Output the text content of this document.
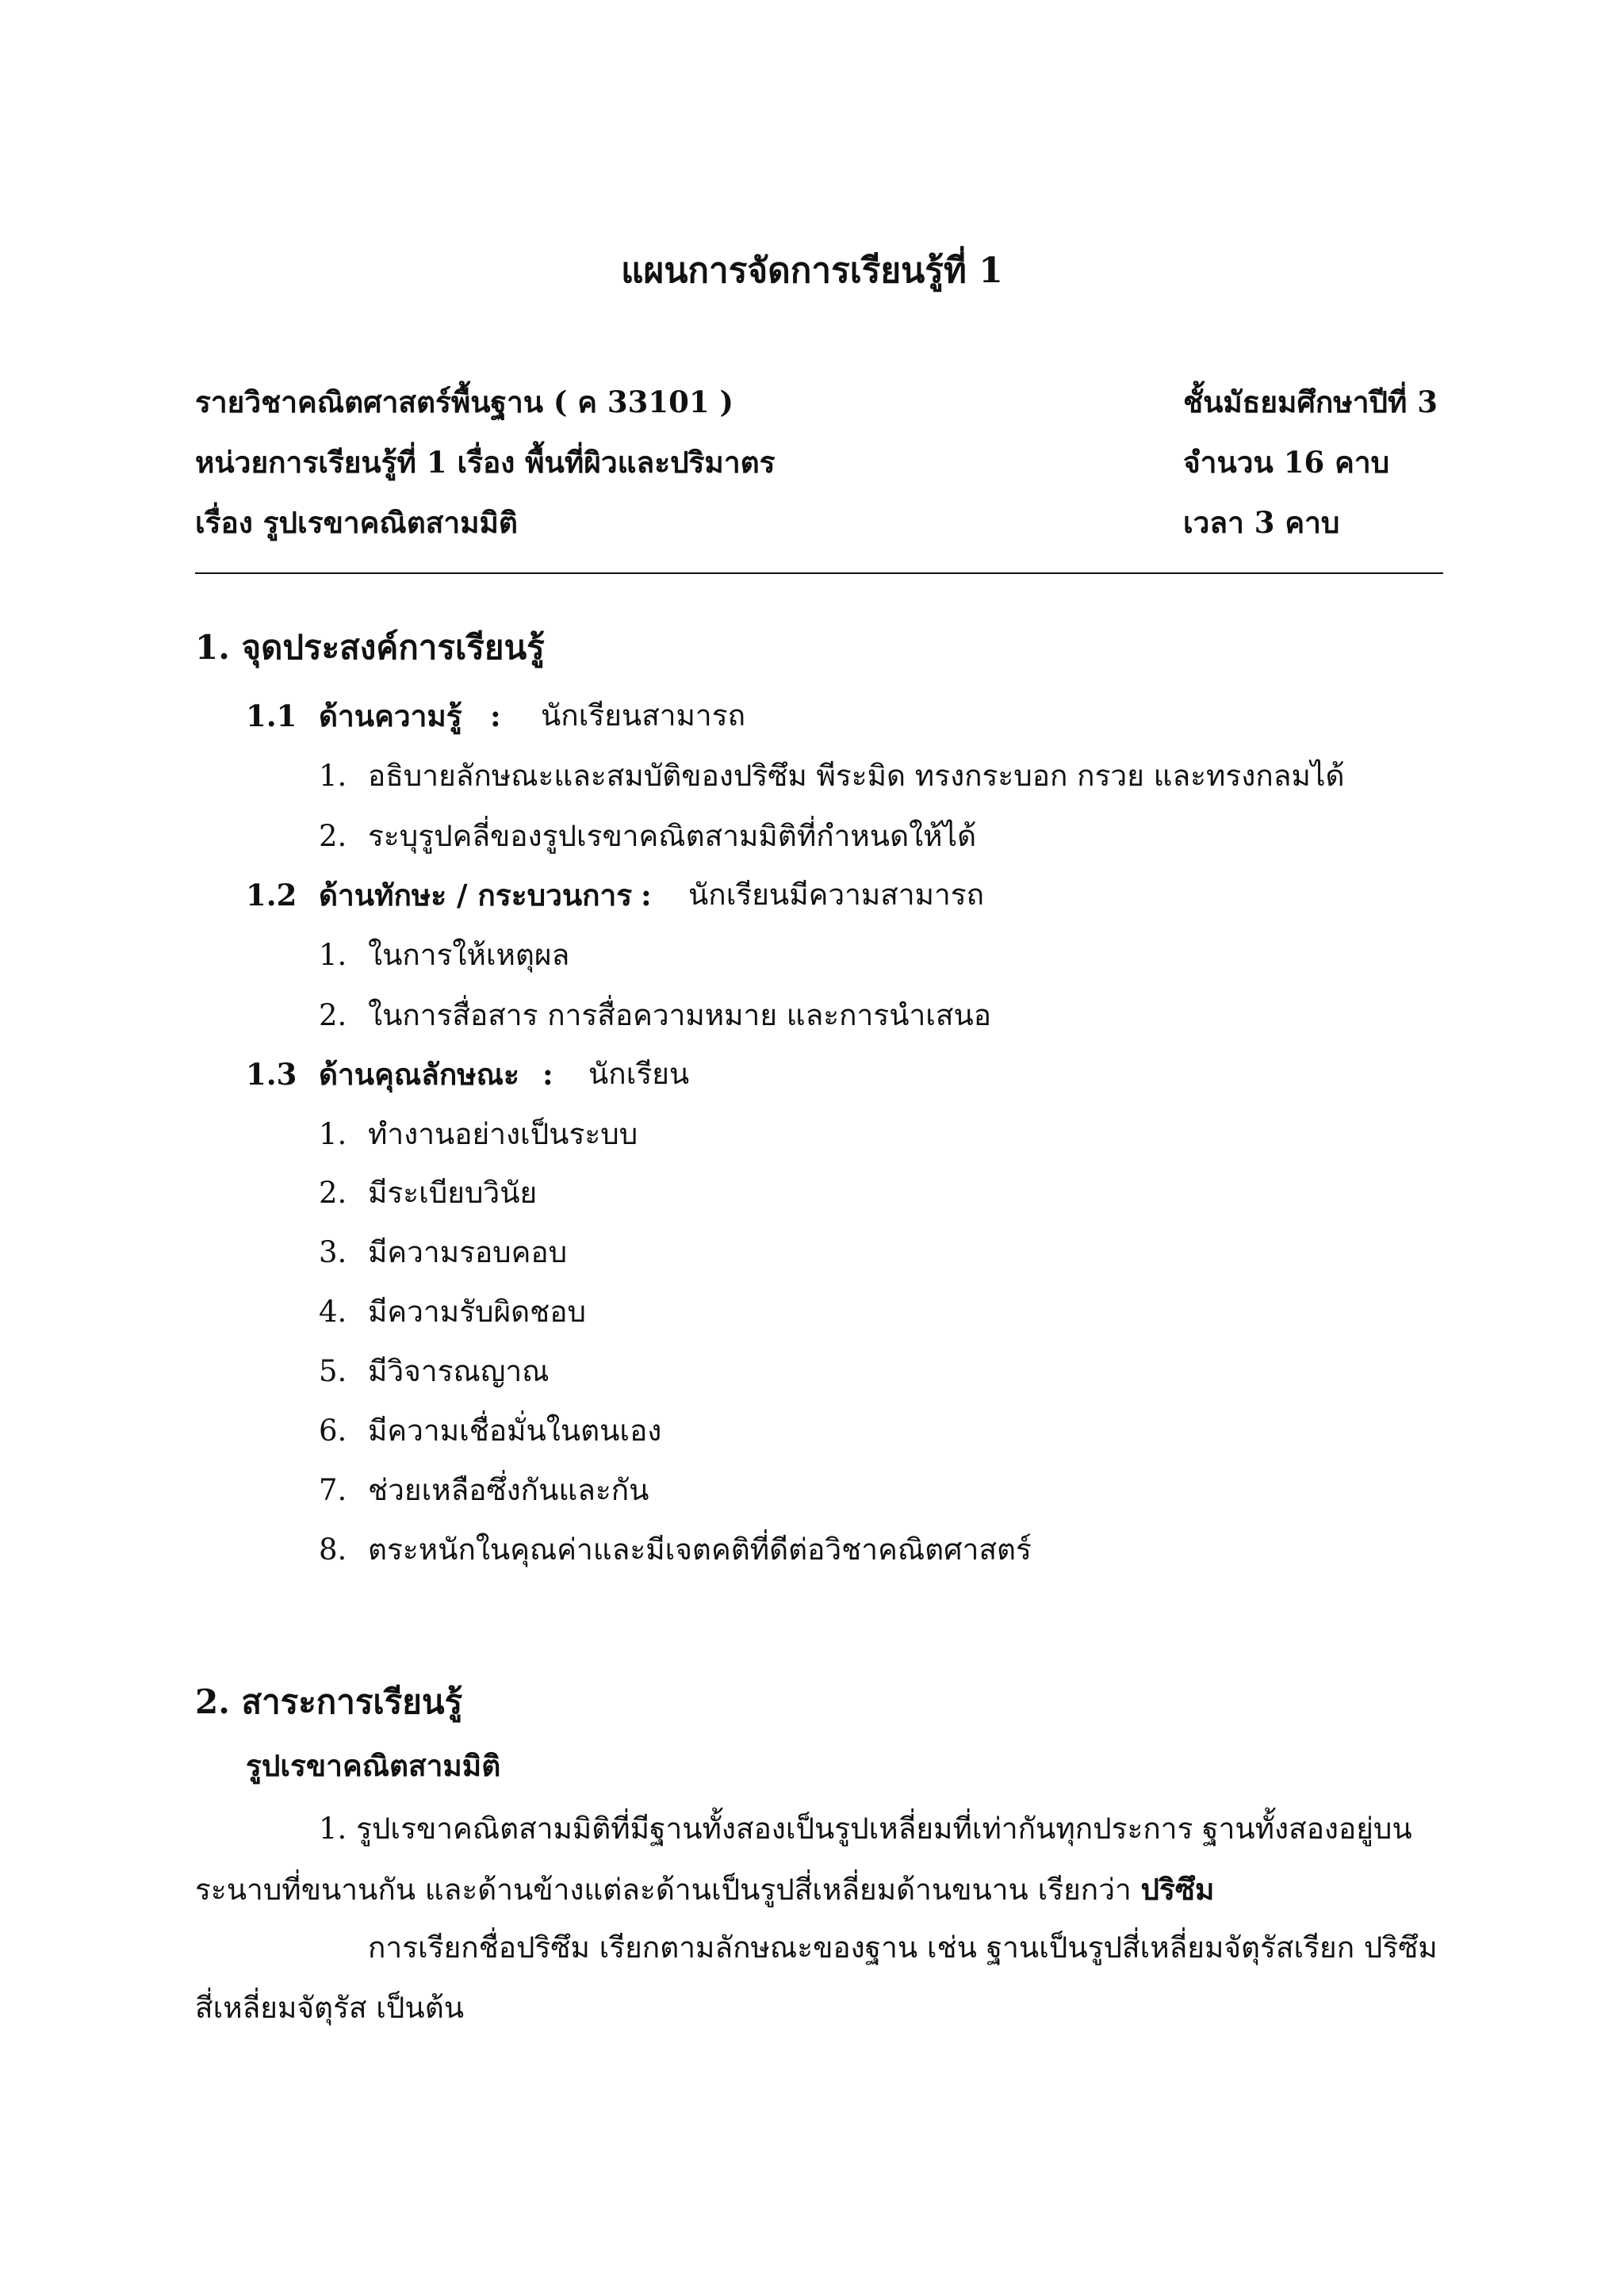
แผนการจัดการเรียนรู้ที่ 1
รายวิชาคณิตศาสตร์พื้นฐาน ( ค 33101 )	ชั้นมัธยมศึกษาปีที่ 3
หน่วยการเรียนรู้ที่ 1 เรื่อง พื้นที่ผิวและปริมาตร	จำนวน 16 คาบ
เรื่อง รูปเรขาคณิตสามมิติ	เวลา 3 คาบ
1. จุดประสงค์การเรียนรู้
1.1 ด้านความรู้ : นักเรียนสามารถ
1. อธิบายลักษณะและสมบัติของปริซึม พีระมิด ทรงกระบอก กรวย และทรงกลมได้
2. ระบุรูปคลี่ของรูปเรขาคณิตสามมิติที่กำหนดให้ได้
1.2 ด้านทักษะ / กระบวนการ : นักเรียนมีความสามารถ
1. ในการให้เหตุผล
2. ในการสื่อสาร การสื่อความหมาย และการนำเสนอ
1.3 ด้านคุณลักษณะ : นักเรียน
1. ทำงานอย่างเป็นระบบ
2. มีระเบียบวินัย
3. มีความรอบคอบ
4. มีความรับผิดชอบ
5. มีวิจารณญาณ
6. มีความเชื่อมั่นในตนเอง
7. ช่วยเหลือซึ่งกันและกัน
8. ตระหนักในคุณค่าและมีเจตคติที่ดีต่อวิชาคณิตศาสตร์
2. สาระการเรียนรู้
รูปเรขาคณิตสามมิติ
1. รูปเรขาคณิตสามมิติที่มีฐานทั้งสองเป็นรูปเหลี่ยมที่เท่ากันทุกประการ ฐานทั้งสองอยู่บน
ระนาบที่ขนานกัน และด้านข้างแต่ละด้านเป็นรูปสี่เหลี่ยมด้านขนาน เรียกว่า ปริซึม
การเรียกชื่อปริซึม เรียกตามลักษณะของฐาน เช่น ฐานเป็นรูปสี่เหลี่ยมจัตุรัสเรียก ปริซึม
สี่เหลี่ยมจัตุรัส เป็นต้น
